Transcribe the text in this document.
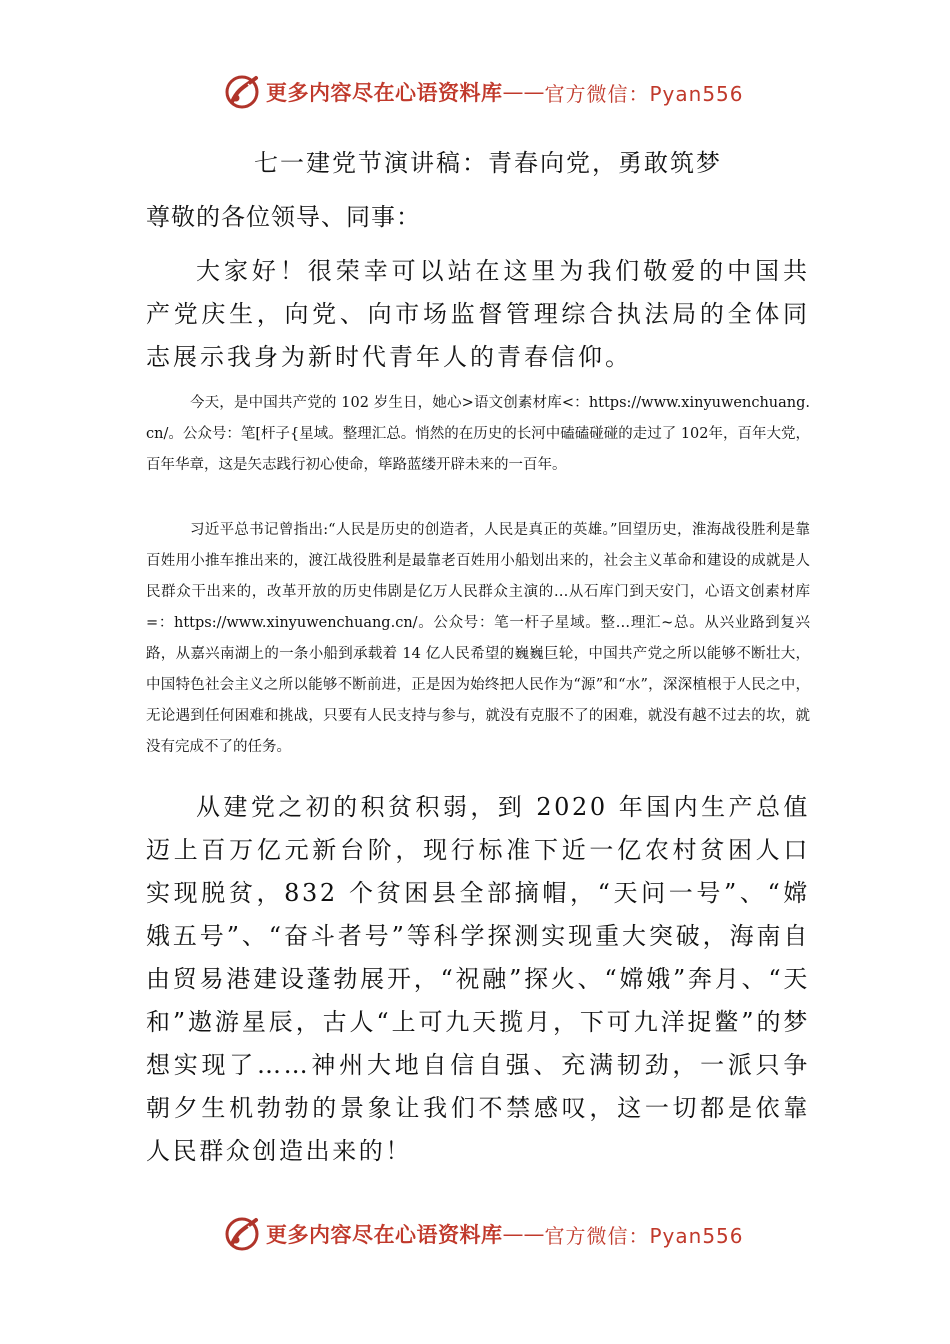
更多内容尽在心语资料库 —— 官方微信：Pyan556
七一建党节演讲稿：青春向党，勇敢筑梦
尊敬的各位领导、同事：

大家好！很荣幸可以站在这里为我们敬爱的中国共产党庆生，向党、向市场监督管理综合执法局的全体同志展示我身为新时代青年人的青春信仰。

今天，是中国共产党的 102 岁生日，她心>语文创素材库<：https://www.xinyuwenchuang.cn/。公众号：笔[杆子{星域。整理汇总。悄然的在历史的长河中磕磕碰碰的走过了 102年，百年大党，百年华章，这是矢志践行初心使命，筚路蓝缕开辟未来的一百年。

习近平总书记曾指出:“人民是历史的创造者，人民是真正的英雄。”回望历史，淮海战役胜利是靠百姓用小推车推出来的，渡江战役胜利是最靠老百姓用小船划出来的，社会主义革命和建设的成就是人民群众干出来的，改革开放的历史伟剧是亿万人民群众主演的…从石库门到天安门，心语文创素材库=：https://www.xinyuwenchuang.cn/。公众号：笔一杆子星域。整…理汇~总。从兴业路到复兴路，从嘉兴南湖上的一条小船到承载着 14 亿人民希望的巍巍巨轮，中国共产党之所以能够不断壮大，中国特色社会主义之所以能够不断前进，正是因为始终把人民作为“源”和“水”，深深植根于人民之中，无论遇到任何困难和挑战，只要有人民支持与参与，就没有克服不了的困难，就没有越不过去的坎，就没有完成不了的任务。

从建党之初的积贫积弱，到 2020 年国内生产总值迈上百万亿元新台阶，现行标准下近一亿农村贫困人口实现脱贫，832 个贫困县全部摘帽，“天问一号”、“嫦娥五号”、“奋斗者号”等科学探测实现重大突破，海南自由贸易港建设蓬勃展开，“祝融”探火、“嫦娥”奔月、“天和”遨游星辰，古人“上可九天揽月，下可九洋捉鳖”的梦想实现了……神州大地自信自强、充满韧劲，一派只争朝夕生机勃勃的景象让我们不禁感叹，这一切都是依靠人民群众创造出来的！

更多内容尽在心语资料库 —— 官方微信：Pyan556
